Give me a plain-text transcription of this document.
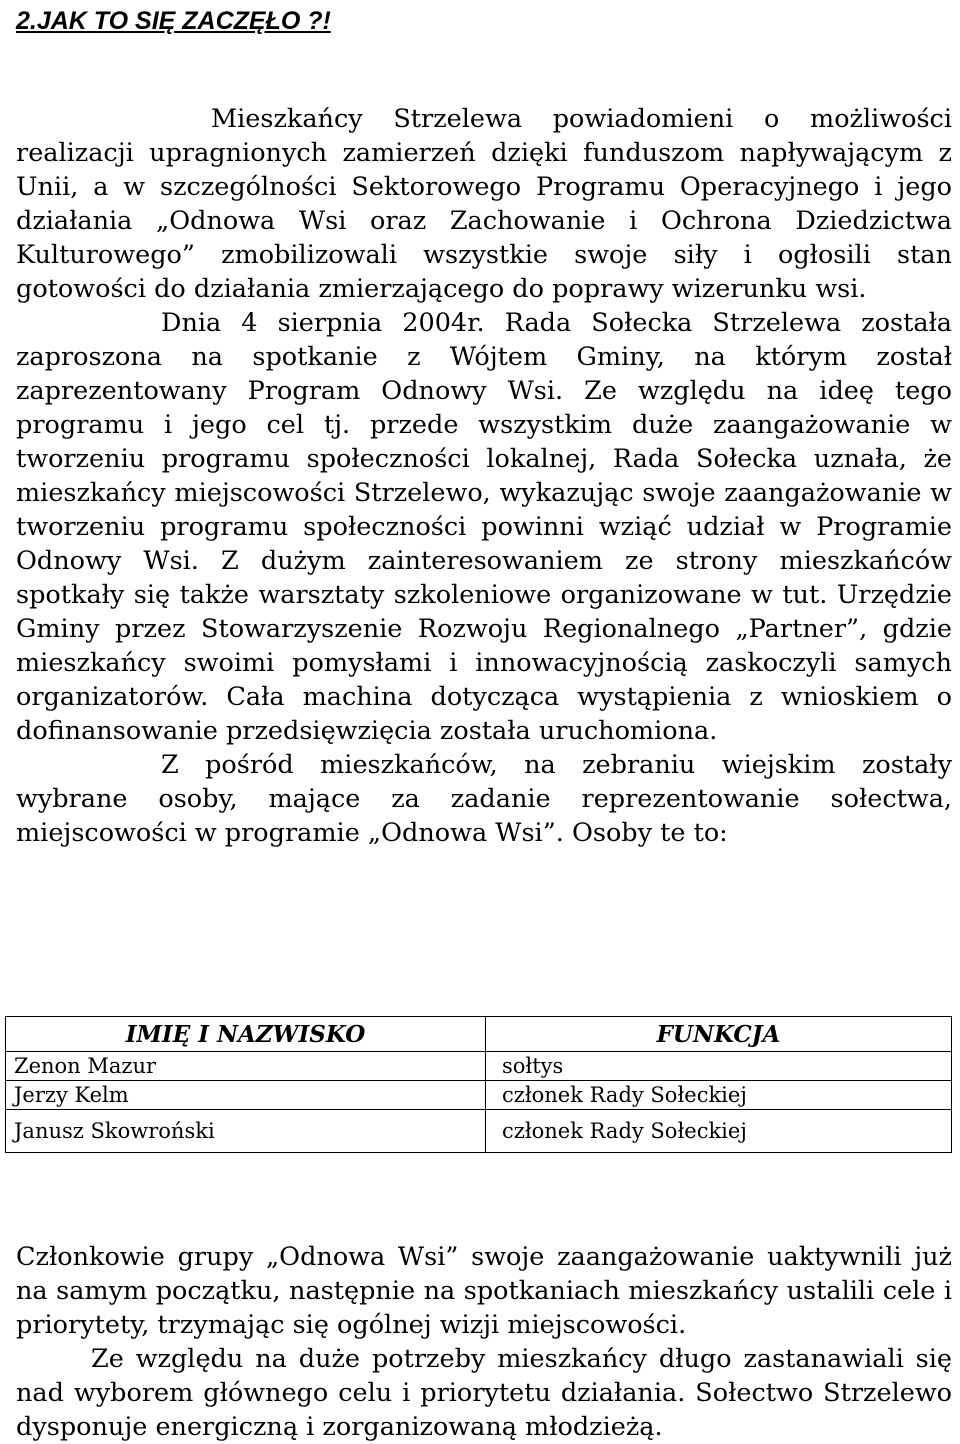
2.JAK TO SIĘ ZACZĘŁO ?!

Mieszkańcy Strzelewa powiadomieni o możliwości realizacji upragnionych zamierzeń dzięki funduszom napływającym z Unii, a w szczególności Sektorowego Programu Operacyjnego i jego działania „Odnowa Wsi oraz Zachowanie i Ochrona Dziedzictwa Kulturowego” zmobilizowali wszystkie swoje siły i ogłosili stan gotowości do działania zmierzającego do poprawy wizerunku wsi.

Dnia 4 sierpnia 2004r. Rada Sołecka Strzelewa została zaproszona na spotkanie z Wójtem Gminy, na którym został zaprezentowany Program Odnowy Wsi. Ze względu na ideę tego programu i jego cel tj. przede wszystkim duże zaangażowanie w tworzeniu programu społeczności lokalnej, Rada Sołecka uznała, że mieszkańcy miejscowości Strzelewo, wykazując swoje zaangażowanie w tworzeniu programu społeczności powinni wziąć udział w Programie Odnowy Wsi. Z dużym zainteresowaniem ze strony mieszkańców spotkały się także warsztaty szkoleniowe organizowane w tut. Urzędzie Gminy przez Stowarzyszenie Rozwoju Regionalnego „Partner”, gdzie mieszkańcy swoimi pomysłami i innowacyjnością zaskoczyli samych organizatorów. Cała machina dotycząca wystąpienia z wnioskiem o dofinansowanie przedsięwzięcia została uruchomiona.

Z pośród mieszkańców, na zebraniu wiejskim zostały wybrane osoby, mające za zadanie reprezentowanie sołectwa, miejscowości w programie „Odnowa Wsi”. Osoby te to:

IMIĘ I NAZWISKO	FUNKCJA
Zenon Mazur	sołtys
Jerzy Kelm	członek Rady Sołeckiej
Janusz Skowroński	członek Rady Sołeckiej

Członkowie grupy „Odnowa Wsi” swoje zaangażowanie uaktywnili już na samym początku, następnie na spotkaniach mieszkańcy ustalili cele i priorytety, trzymając się ogólnej wizji miejscowości.

Ze względu na duże potrzeby mieszkańcy długo zastanawiali się nad wyborem głównego celu i priorytetu działania. Sołectwo Strzelewo dysponuje energiczną i zorganizowaną młodzieżą.
